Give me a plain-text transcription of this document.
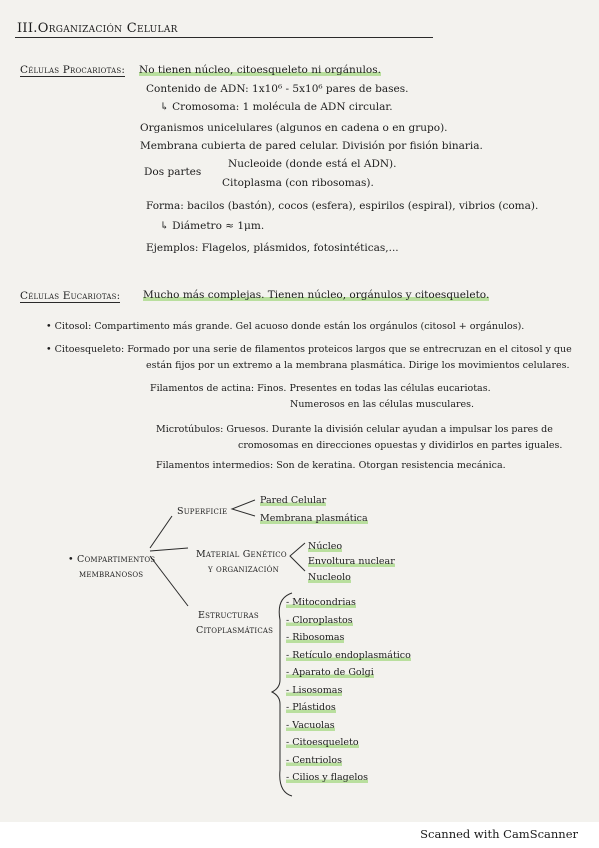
III.Organización Celular
Células Procariotas: No tienen núcleo, citoesqueleto ni orgánulos.
Contenido de ADN: 1x10⁶ - 5x10⁶ pares de bases.
↳ Cromosoma: 1 molécula de ADN circular.
Organismos unicelulares (algunos en cadena o en grupo).
Membrana cubierta de pared celular. División por fisión binaria.
Dos partes
Nucleoide (donde está el ADN).
Citoplasma (con ribosomas).
Forma: bacilos (bastón), cocos (esfera), espirilos (espiral), vibrios (coma).
↳ Diámetro ≈ 1μm.
Ejemplos: Flagelos, plásmidos, fotosintéticas,...
Células Eucariotas: Mucho más complejas. Tienen núcleo, orgánulos y citoesqueleto.
• Citosol: Compartimento más grande. Gel acuoso donde están los orgánulos (citosol + orgánulos).
• Citoesqueleto: Formado por una serie de filamentos proteicos largos que se entrecruzan en el citosol y que
están fijos por un extremo a la membrana plasmática. Dirige los movimientos celulares.
Filamentos de actina: Finos. Presentes en todas las células eucariotas.
Numerosos en las células musculares.
Microtúbulos: Gruesos. Durante la división celular ayudan a impulsar los pares de
cromosomas en direcciones opuestas y dividirlos en partes iguales.
Filamentos intermedios: Son de keratina. Otorgan resistencia mecánica.
• Compartimentos
membranosos
Superficie
Pared Celular
Membrana plasmática
Material Genético
y organización
Núcleo
Envoltura nuclear
Nucleolo
Estructuras
Citoplasmáticas
- Mitocondrias
- Cloroplastos
- Ribosomas
- Retículo endoplasmático
- Aparato de Golgi
- Lisosomas
- Plástidos
- Vacuolas
- Citoesqueleto
- Centriolos
- Cilios y flagelos
Scanned with CamScanner
